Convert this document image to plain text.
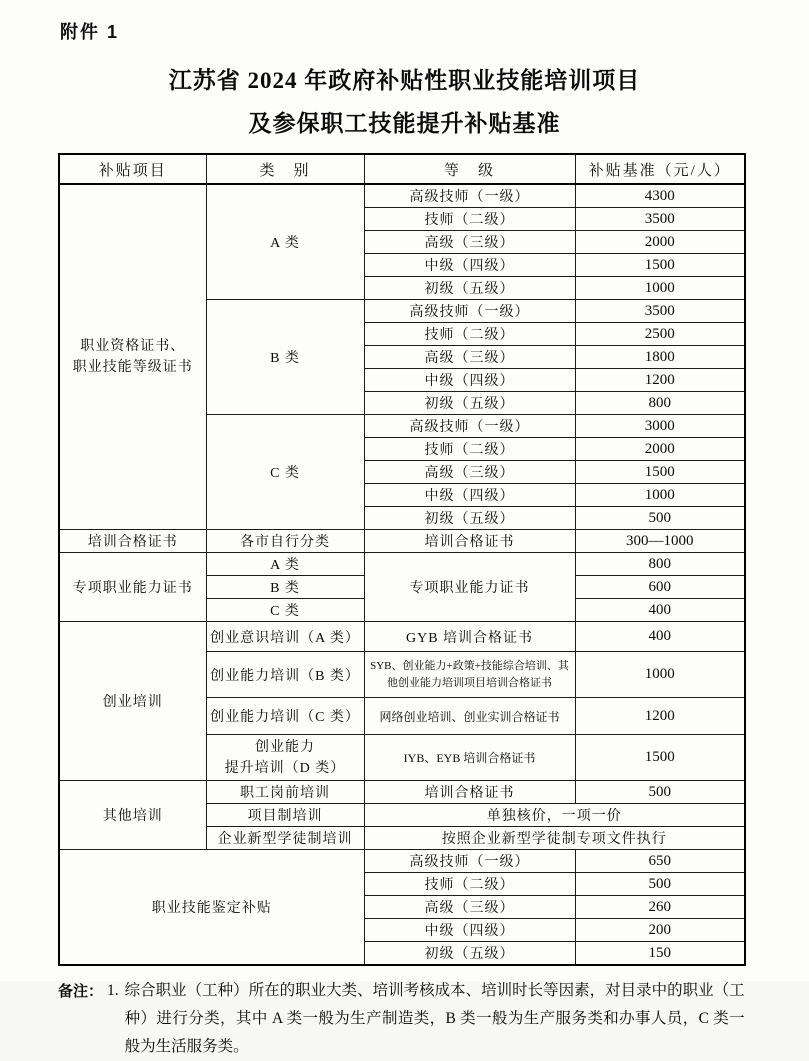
附件 1
江苏省 2024 年政府补贴性职业技能培训项目
及参保职工技能提升补贴基准
补贴项目	类　别	等　级	补贴基准（元/人）

职业资格证书、
职业技能等级证书	A 类	高级技师（一级）	4300
		技师（二级）	3500
		高级（三级）	2000
		中级（四级）	1500
		初级（五级）	1000
	B 类	高级技师（一级）	3500
		技师（二级）	2500
		高级（三级）	1800
		中级（四级）	1200
		初级（五级）	800
	C 类	高级技师（一级）	3000
		技师（二级）	2000
		高级（三级）	1500
		中级（四级）	1000
		初级（五级）	500
培训合格证书	各市自行分类	培训合格证书	300—1000
专项职业能力证书	A 类	专项职业能力证书	800
	B 类		600
	C 类		400
创业培训	创业意识培训（A 类）	GYB 培训合格证书	400
	创业能力培训（B 类）	SYB、创业能力+政策+技能综合培训、其他创业能力培训项目培训合格证书	1000
	创业能力培训（C 类）	网络创业培训、创业实训合格证书	1200

	创业能力
提升培训（D 类）	IYB、EYB 培训合格证书	1500
其他培训	职工岗前培训	培训合格证书	500
	项目制培训	单独核价，一项一价	
	企业新型学徒制培训	按照企业新型学徒制专项文件执行	
职业技能鉴定补贴		高级技师（一级）	650
		技师（二级）	500
		高级（三级）	260
		中级（四级）	200
		初级（五级）	150
备注： 1. 综合职业（工种）所在的职业大类、培训考核成本、培训时长等因素，对目录中的职业（工种）进行分类，其中 A 类一般为生产制造类，B 类一般为生产服务类和办事人员，C 类一般为生活服务类。
